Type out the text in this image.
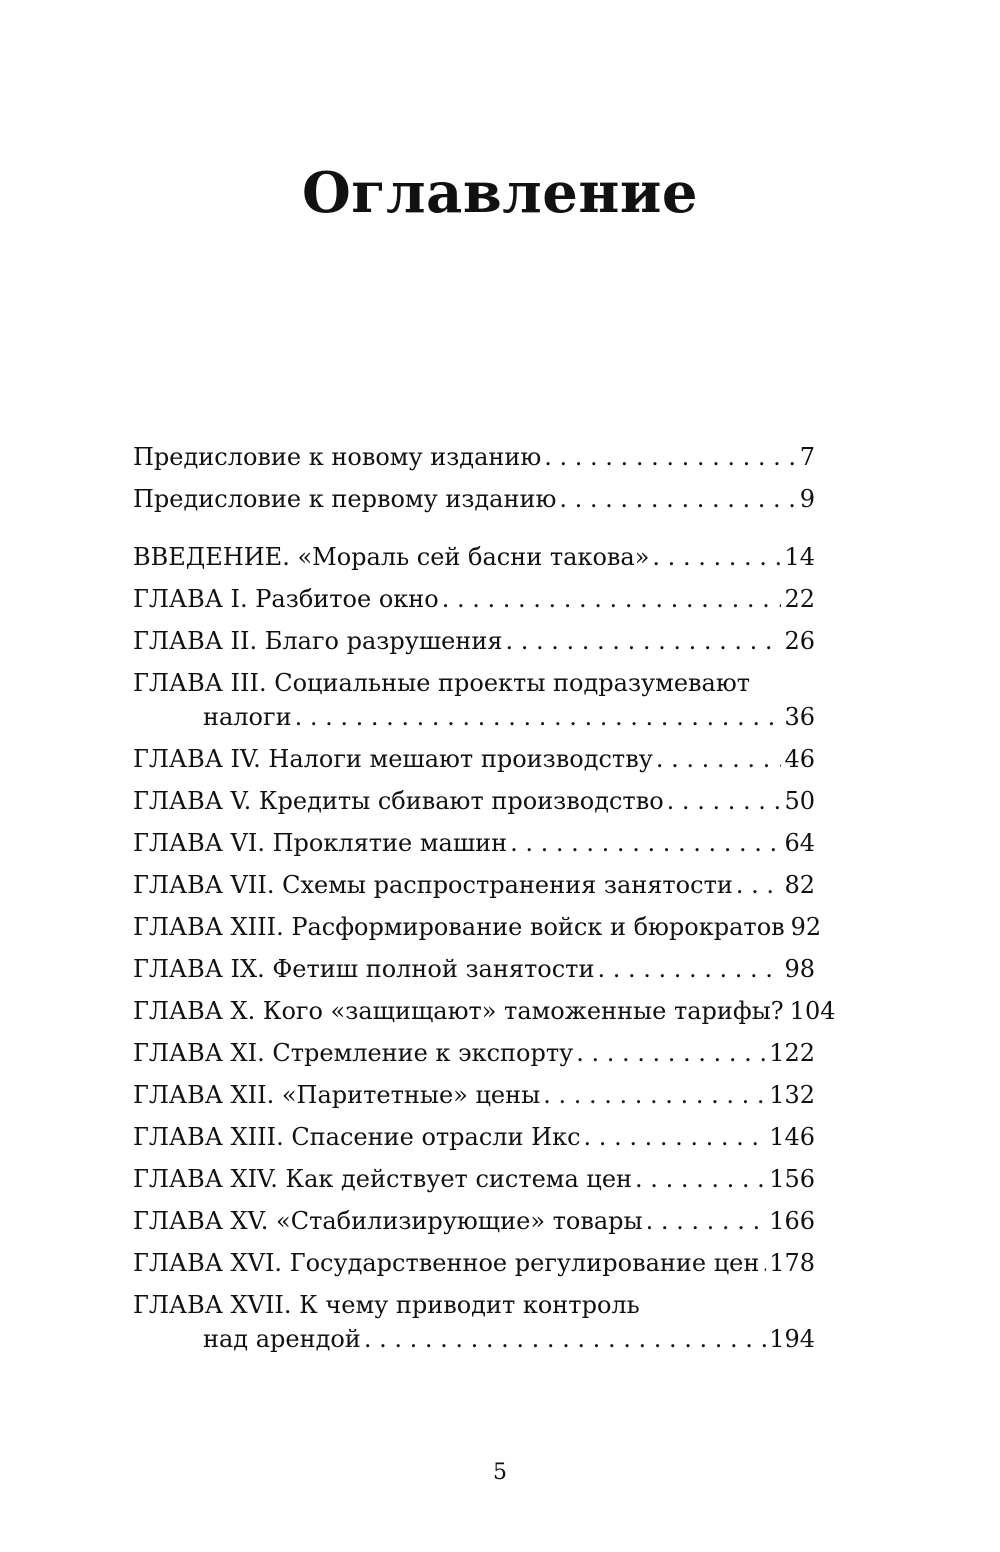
Оглавление
Предисловие к новому изданию . . .	7
Предисловие к первому изданию . . .	9
ВВЕДЕНИЕ. «Мораль сей басни такова» . . .	14
ГЛАВА I. Разбитое окно . . .	22
ГЛАВА II. Благо разрушения . . .	26
ГЛАВА III. Социальные проекты подразумевают
налоги . . .	36
ГЛАВА IV. Налоги мешают производству . . .	46
ГЛАВА V. Кредиты сбивают производство . . .	50
ГЛАВА VI. Проклятие машин . . .	64
ГЛАВА VII. Схемы распространения занятости . . . 82
ГЛАВА XIII. Расформирование войск и бюрократов 92
ГЛАВА IX. Фетиш полной занятости . . .	98
ГЛАВА X. Кого «защищают» таможенные тарифы? 104
ГЛАВА XI. Стремление к экспорту . . .	122
ГЛАВА XII. «Паритетные» цены . . .	132
ГЛАВА XIII. Спасение отрасли Икс . . .	146
ГЛАВА XIV. Как действует система цен . . .	156
ГЛАВА XV. «Стабилизирующие» товары . . .	166
ГЛАВА XVI. Государственное регулирование цен . . . 178
ГЛАВА XVII. К чему приводит контроль
над арендой . . .	194
5
